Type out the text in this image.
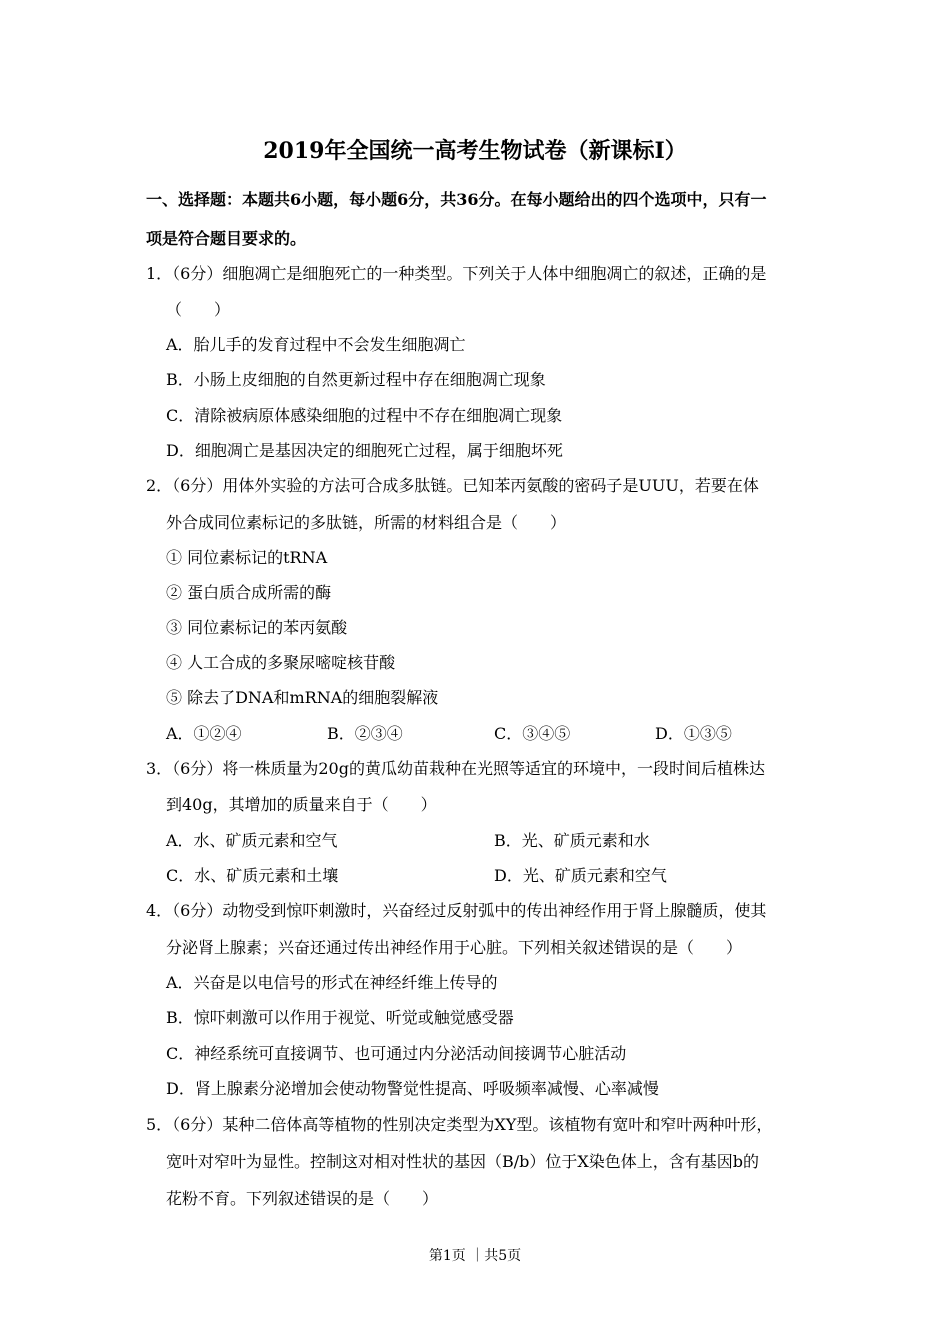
2019年全国统一高考生物试卷（新课标Ⅰ）
一、选择题：本题共6小题，每小题6分，共36分。在每小题给出的四个选项中，只有一
项是符合题目要求的。
1．（6分）细胞凋亡是细胞死亡的一种类型。下列关于人体中细胞凋亡的叙述，正确的是
（　　）
A．胎儿手的发育过程中不会发生细胞凋亡
B．小肠上皮细胞的自然更新过程中存在细胞凋亡现象
C．清除被病原体感染细胞的过程中不存在细胞凋亡现象
D．细胞凋亡是基因决定的细胞死亡过程，属于细胞坏死
2．（6分）用体外实验的方法可合成多肽链。已知苯丙氨酸的密码子是UUU，若要在体
外合成同位素标记的多肽链，所需的材料组合是（　　）
① 同位素标记的tRNA
② 蛋白质合成所需的酶
③ 同位素标记的苯丙氨酸
④ 人工合成的多聚尿嘧啶核苷酸
⑤ 除去了DNA和mRNA的细胞裂解液
A．①②④	B．②③④	C．③④⑤	D．①③⑤
3．（6分）将一株质量为20g的黄瓜幼苗栽种在光照等适宜的环境中，一段时间后植株达
到40g，其增加的质量来自于（　　）
A．水、矿质元素和空气	B．光、矿质元素和水
C．水、矿质元素和土壤	D．光、矿质元素和空气
4．（6分）动物受到惊吓刺激时，兴奋经过反射弧中的传出神经作用于肾上腺髓质，使其
分泌肾上腺素；兴奋还通过传出神经作用于心脏。下列相关叙述错误的是（　　）
A．兴奋是以电信号的形式在神经纤维上传导的
B．惊吓刺激可以作用于视觉、听觉或触觉感受器
C．神经系统可直接调节、也可通过内分泌活动间接调节心脏活动
D．肾上腺素分泌增加会使动物警觉性提高、呼吸频率减慢、心率减慢
5．（6分）某种二倍体高等植物的性别决定类型为XY型。该植物有宽叶和窄叶两种叶形，
宽叶对窄叶为显性。控制这对相对性状的基因（B/b）位于X染色体上，含有基因b的
花粉不育。下列叙述错误的是（　　）
第1页 ｜共5页
